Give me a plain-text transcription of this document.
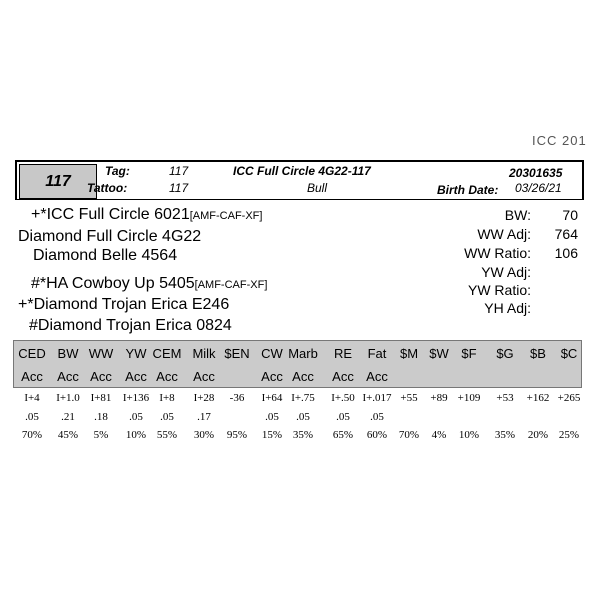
ICC 201
117
Tag:	117
Tattoo:	117
ICC Full Circle 4G22-117
Bull
20301635
Birth Date: 03/26/21
+*ICC Full Circle 6021[AMF-CAF-XF]
Diamond Full Circle 4G22
Diamond Belle 4564
#*HA Cowboy Up 5405[AMF-CAF-XF]
+*Diamond Trojan Erica E246
#Diamond Trojan Erica 0824
BW: 70
WW Adj: 764
WW Ratio: 106
YW Adj:
YW Ratio:
YH Adj:
CED BW WW YW CEM Milk $EN CW Marb RE Fat $M $W $F $G $B $C
Acc Acc Acc Acc Acc Acc	Acc Acc Acc Acc
I+4 I+1.0 I+81 I+136 I+8 I+28 -36 I+64 I+.75 I+.50 I+.017 +55 +89 +109 +53 +162 +265
.05 .21 .18 .05 .05 .17	.05 .05 .05 .05
70% 45% 5% 10% 55% 30% 95% 15% 35% 65% 60% 70% 4% 10% 35% 20% 25%
